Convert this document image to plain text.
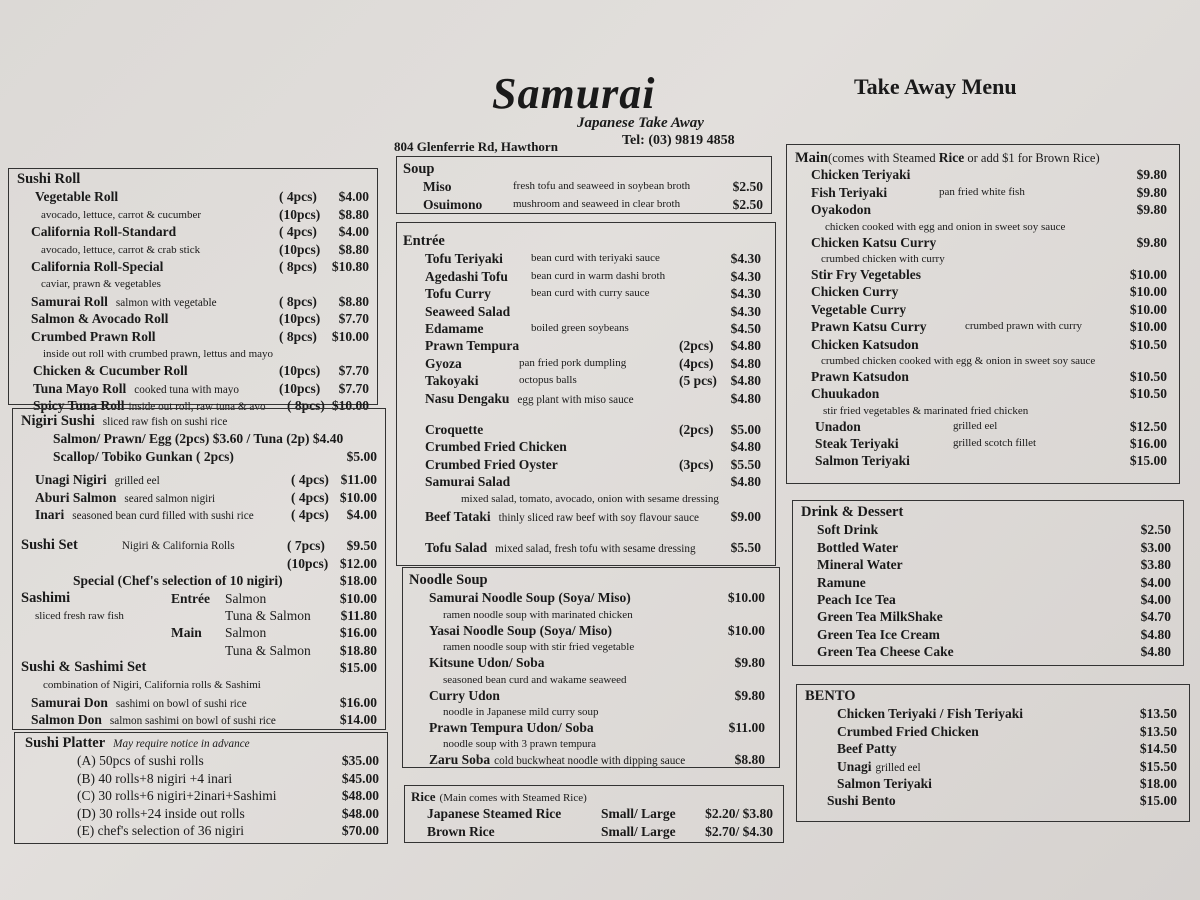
Samurai
Japanese Take Away
804 Glenferrie Rd, Hawthorn	Tel: (03) 9819 4858
Take Away Menu
Sushi Roll
Vegetable Roll	( 4pcs) $4.00
avocado, lettuce, carrot & cucumber	(10pcs) $8.80
California Roll-Standard	( 4pcs) $4.00
avocado, lettuce, carrot & crab stick	(10pcs) $8.80
California Roll-Special	( 8pcs) $10.80
caviar, prawn & vegetables
Samurai Roll salmon with vegetable	( 8pcs) $8.80
Salmon & Avocado Roll	(10pcs) $7.70
Crumbed Prawn Roll	( 8pcs) $10.00
inside out roll with crumbed prawn, lettus and mayo
Chicken & Cucumber Roll	(10pcs) $7.70
Tuna Mayo Roll cooked tuna with mayo	(10pcs) $7.70
Spicy Tuna Roll inside out roll, raw tuna & avo ( 8pcs) $10.00
Nigiri Sushi sliced raw fish on sushi rice
Salmon/ Prawn/ Egg (2pcs) $3.60 / Tuna (2p) $4.40
Scallop/ Tobiko Gunkan ( 2pcs)	$5.00
Unagi Nigiri grilled eel	( 4pcs) $11.00
Aburi Salmon seared salmon nigiri	( 4pcs) $10.00
Inari seasoned bean curd filled with sushi rice	( 4pcs) $4.00
Sushi Set	Nigiri & California Rolls	( 7pcs) $9.50
(10pcs) $12.00
Special (Chef's selection of 10 nigiri)	$18.00
Sashimi	Entrée Salmon	$10.00
sliced fresh raw fish	Tuna & Salmon $11.80
Main Salmon	$16.00
Tuna & Salmon $18.80
Sushi & Sashimi Set	$15.00
combination of Nigiri, California rolls & Sashimi
Samurai Don sashimi on bowl of sushi rice	$16.00
Salmon Don salmon sashimi on bowl of sushi rice	$14.00
Sushi Platter May require notice in advance
(A) 50pcs of sushi rolls	$35.00
(B) 40 rolls+8 nigiri +4 inari	$45.00
(C) 30 rolls+6 nigiri+2inari+Sashimi	$48.00
(D) 30 rolls+24 inside out rolls	$48.00
(E) chef's selection of 36 nigiri	$70.00
Soup
Miso	fresh tofu and seaweed in soybean broth	$2.50
Osuimono	mushroom and seaweed in clear broth	$2.50
Entrée
Tofu Teriyaki	bean curd with teriyaki sauce	$4.30
Agedashi Tofu bean curd in warm dashi broth	$4.30
Tofu Curry	bean curd with curry sauce	$4.30
Seaweed Salad	$4.30
Edamame	boiled green soybeans	$4.50
Prawn Tempura	(2pcs) $4.80
Gyoza	pan fried pork dumpling	(4pcs) $4.80
Takoyaki	octopus balls	(5 pcs) $4.80
Nasu Dengaku egg plant with miso sauce	$4.80
Croquette	(2pcs) $5.00
Crumbed Fried Chicken	$4.80
Crumbed Fried Oyster	(3pcs) $5.50
Samurai Salad	$4.80
mixed salad, tomato, avocado, onion with sesame dressing
Beef Tataki thinly sliced raw beef with soy flavour sauce $9.00
Tofu Salad mixed salad, fresh tofu with sesame dressing	$5.50
Noodle Soup
Samurai Noodle Soup (Soya/ Miso)	$10.00
ramen noodle soup with marinated chicken
Yasai Noodle Soup (Soya/ Miso)	$10.00
ramen noodle soup with stir fried vegetable
Kitsune Udon/ Soba	$9.80
seasoned bean curd and wakame seaweed
Curry Udon	$9.80
noodle in Japanese mild curry soup
Prawn Tempura Udon/ Soba	$11.00
noodle soup with 3 prawn tempura
Zaru Soba cold buckwheat noodle with dipping sauce	$8.80
Rice (Main comes with Steamed Rice)
Japanese Steamed Rice	Small/ Large $2.20/ $3.80
Brown Rice	Small/ Large $2.70/ $4.30
Main(comes with Steamed Rice or add $1 for Brown Rice)
Chicken Teriyaki	$9.80
Fish Teriyaki	pan fried white fish	$9.80
Oyakodon	$9.80
chicken cooked with egg and onion in sweet soy sauce
Chicken Katsu Curry	$9.80
crumbed chicken with curry
Stir Fry Vegetables	$10.00
Chicken Curry	$10.00
Vegetable Curry	$10.00
Prawn Katsu Curry	crumbed prawn with curry	$10.00
Chicken Katsudon	$10.50
crumbed chicken cooked with egg & onion in sweet soy sauce
Prawn Katsudon	$10.50
Chuukadon	$10.50
stir fried vegetables & marinated fried chicken
Unadon	grilled eel	$12.50
Steak Teriyaki	grilled scotch fillet	$16.00
Salmon Teriyaki	$15.00
Drink & Dessert
Soft Drink	$2.50
Bottled Water	$3.00
Mineral Water	$3.80
Ramune	$4.00
Peach Ice Tea	$4.00
Green Tea MilkShake	$4.70
Green Tea Ice Cream	$4.80
Green Tea Cheese Cake	$4.80
BENTO
Chicken Teriyaki / Fish Teriyaki	$13.50
Crumbed Fried Chicken	$13.50
Beef Patty	$14.50
Unagi grilled eel	$15.50
Salmon Teriyaki	$18.00
Sushi Bento	$15.00
